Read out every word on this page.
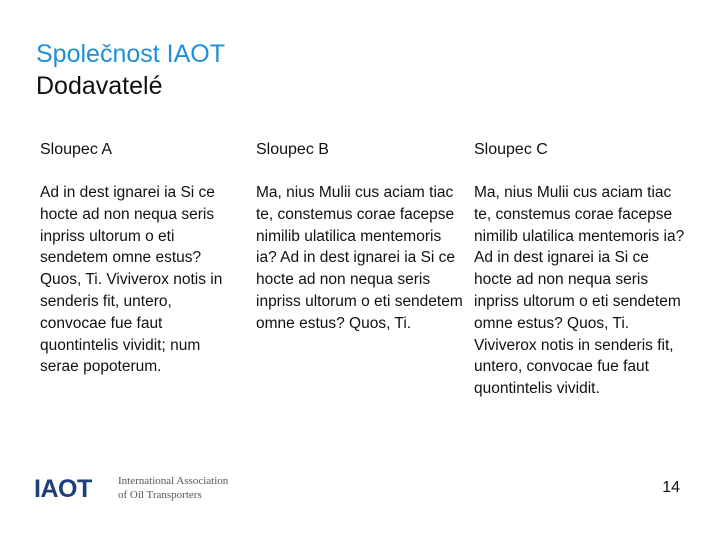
Společnost IAOT
Dodavatelé
Sloupec A
Ad in dest ignarei ia Si ce hocte ad non nequa seris inpriss ultorum o eti sendetem omne estus? Quos, Ti. Viviverox notis in senderis fit, untero, convocae fue faut quontintelis vividit; num serae popoterum.
Sloupec B
Ma, nius Mulii cus aciam tiac te, constemus corae facepse nimilib ulatilica mentemoris ia? Ad in dest ignarei ia Si ce hocte ad non nequa seris inpriss ultorum o eti sendetem omne estus? Quos, Ti.
Sloupec C
Ma, nius Mulii cus aciam tiac te, constemus corae facepse nimilib ulatilica mentemoris ia? Ad in dest ignarei ia Si ce hocte ad non nequa seris inpriss ultorum o eti sendetem omne estus? Quos, Ti. Viviverox notis in senderis fit, untero, convocae fue faut quontintelis vividit.
IAOT International Association
of Oil Transporters	14
